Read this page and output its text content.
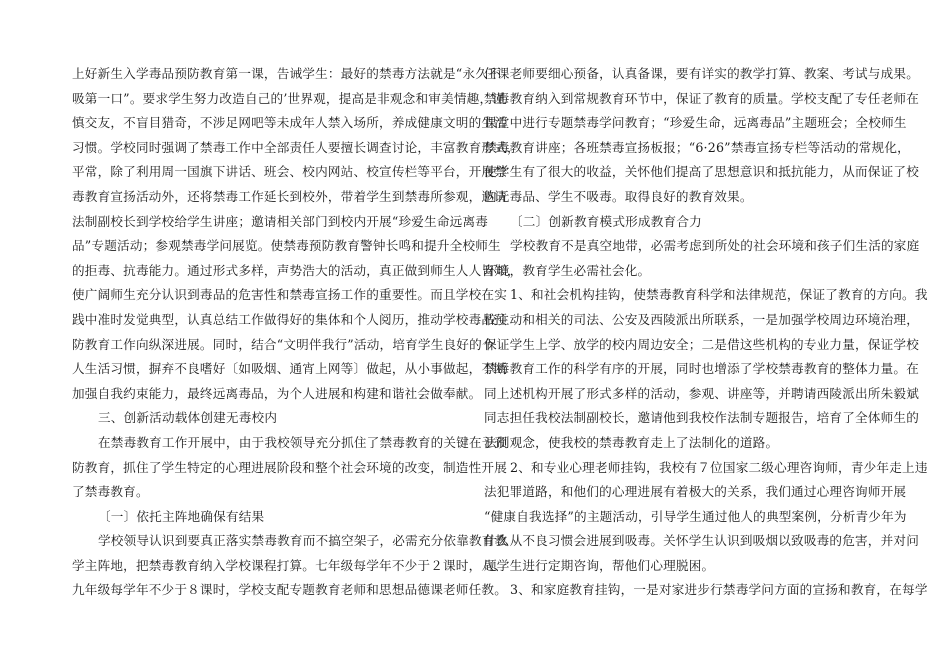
上好新生入学毒品预防教育第一课，告诫学生：最好的禁毒方法就是“永久不
吸第一口”。要求学生努力改造自己的’世界观，提高是非观念和审美情趣，谨
慎交友，不盲目猎奇，不涉足网吧等未成年人禁入场所，养成健康文明的生活
习惯。学校同时强调了禁毒工作中全部责任人要擅长调查讨论，丰富教育形式，
平常，除了利用周一国旗下讲话、班会、校内网站、校宣传栏等平台，开展禁
毒教育宣扬活动外，还将禁毒工作延长到校外，带着学生到禁毒所参观，邀请
法制副校长到学校给学生讲座；邀请相关部门到校内开展“珍爱生命远离毒
品”专题活动；参观禁毒学问展览。使禁毒预防教育警钟长鸣和提升全校师生
的拒毒、抗毒能力。通过形式多样，声势浩大的活动，真正做到师生人人皆知，
使广阔师生充分认识到毒品的危害性和禁毒宣扬工作的重要性。而且学校在实
践中准时发觉典型，认真总结工作做得好的集体和个人阅历，推动学校毒品预
防教育工作向纵深进展。同时，结合“文明伴我行”活动，培育学生良好的个
人生活习惯，摒弃不良嗜好〔如吸烟、通宵上网等〕做起，从小事做起，不断
加强自我约束能力，最终远离毒品，为个人进展和构建和谐社会做奉献。
三、创新活动载体创建无毒校内
在禁毒教育工作开展中，由于我校领导充分抓住了禁毒教育的关键在于预
防教育，抓住了学生特定的心理进展阶段和整个社会环境的改变，制造性开展
了禁毒教育。
〔一〕依托主阵地确保有结果
学校领导认识到要真正落实禁毒教育而不搞空架子，必需充分依靠教育教
学主阵地，把禁毒教育纳入学校课程打算。七年级每学年不少于２课时，八、
九年级每学年不少于８课时，学校支配专题教育老师和思想品德课老师任教。
任课老师要细心预备，认真备课，要有详实的教学打算、教案、考试与成果。
禁毒教育纳入到常规教育环节中，保证了教育的质量。学校支配了专任老师在
课堂中进行专题禁毒学问教育；“珍爱生命，远离毒品”主题班会；全校师生
禁毒教育讲座；各班禁毒宣扬板报；“6·26”禁毒宣扬专栏等活动的常规化，
使学生有了很大的收益，关怀他们提高了思想意识和抵抗能力，从而保证了校
内无毒品、学生不吸毒。取得良好的教育效果。
〔二〕创新教育模式形成教育合力
学校教育不是真空地带，必需考虑到所处的社会环境和孩子们生活的家庭
环境，教育学生必需社会化。
1、和社会机构挂钩，使禁毒教育科学和法律规范，保证了教育的方向。我
校主动和相关的司法、公安及西陵派出所联系，一是加强学校周边环境治理，
保证学生上学、放学的校内周边安全；二是借这些机构的专业力量，保证学校
禁毒教育工作的科学有序的开展，同时也增添了学校禁毒教育的整体力量。在
同上述机构开展了形式多样的活动，参观、讲座等，并聘请西陵派出所朱毅斌
同志担任我校法制副校长，邀请他到我校作法制专题报告，培育了全体师生的
法制观念，使我校的禁毒教育走上了法制化的道路。
2、和专业心理老师挂钩，我校有７位国家二级心理咨询师，青少年走上违
法犯罪道路，和他们的心理进展有着极大的关系，我们通过心理咨询师开展
“健康自我选择”的主题活动，引导学生通过他人的典型案例，分析青少年为
什么从不良习惯会进展到吸毒。关怀学生认识到吸烟以致吸毒的危害，并对问
题学生进行定期咨询，帮他们心理脱困。
3、和家庭教育挂钩，一是对家进步行禁毒学问方面的宣扬和教育，在每学
